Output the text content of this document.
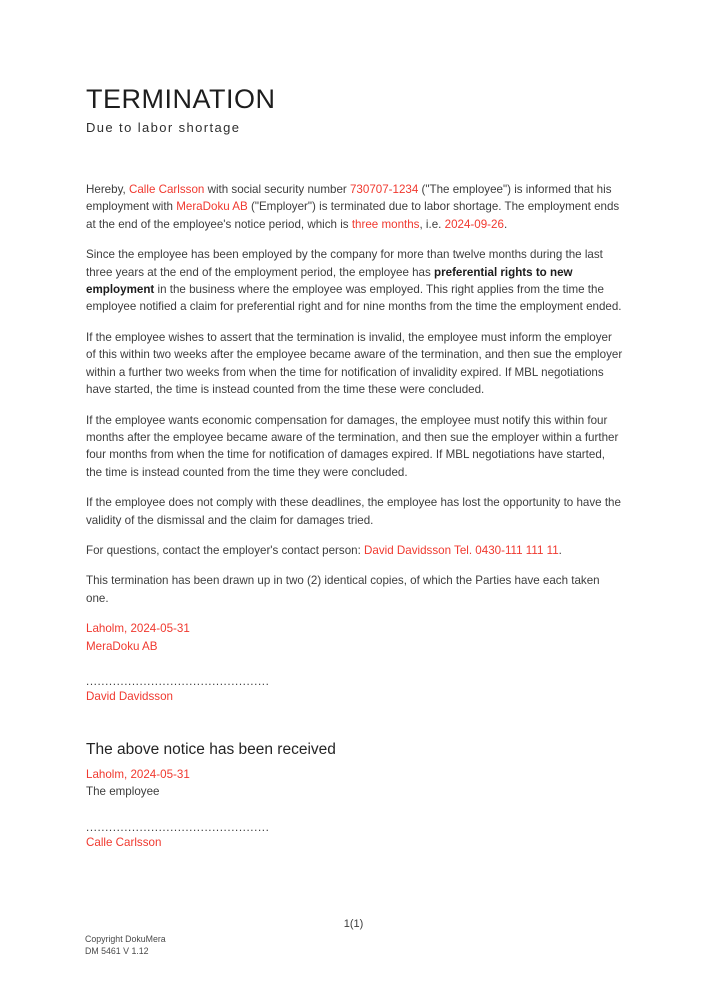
TERMINATION
Due to labor shortage

Hereby, Calle Carlsson with social security number 730707-1234 ("The employee") is informed that his employment with MeraDoku AB ("Employer") is terminated due to labor shortage. The employment ends at the end of the employee's notice period, which is three months, i.e. 2024-09-26.

Since the employee has been employed by the company for more than twelve months during the last three years at the end of the employment period, the employee has preferential rights to new employment in the business where the employee was employed. This right applies from the time the employee notified a claim for preferential right and for nine months from the time the employment ended.

If the employee wishes to assert that the termination is invalid, the employee must inform the employer of this within two weeks after the employee became aware of the termination, and then sue the employer within a further two weeks from when the time for notification of invalidity expired. If MBL negotiations have started, the time is instead counted from the time these were concluded.

If the employee wants economic compensation for damages, the employee must notify this within four months after the employee became aware of the termination, and then sue the employer within a further four months from when the time for notification of damages expired. If MBL negotiations have started, the time is instead counted from the time they were concluded.

If the employee does not comply with these deadlines, the employee has lost the opportunity to have the validity of the dismissal and the claim for damages tried.

For questions, contact the employer's contact person: David Davidsson Tel. 0430-111 111 11.

This termination has been drawn up in two (2) identical copies, of which the Parties have each taken one.

Laholm, 2024-05-31
MeraDoku AB
................................................
David Davidsson
The above notice has been received
Laholm, 2024-05-31
The employee
................................................
Calle Carlsson
1(1)
Copyright DokuMera
DM 5461 V 1.12
